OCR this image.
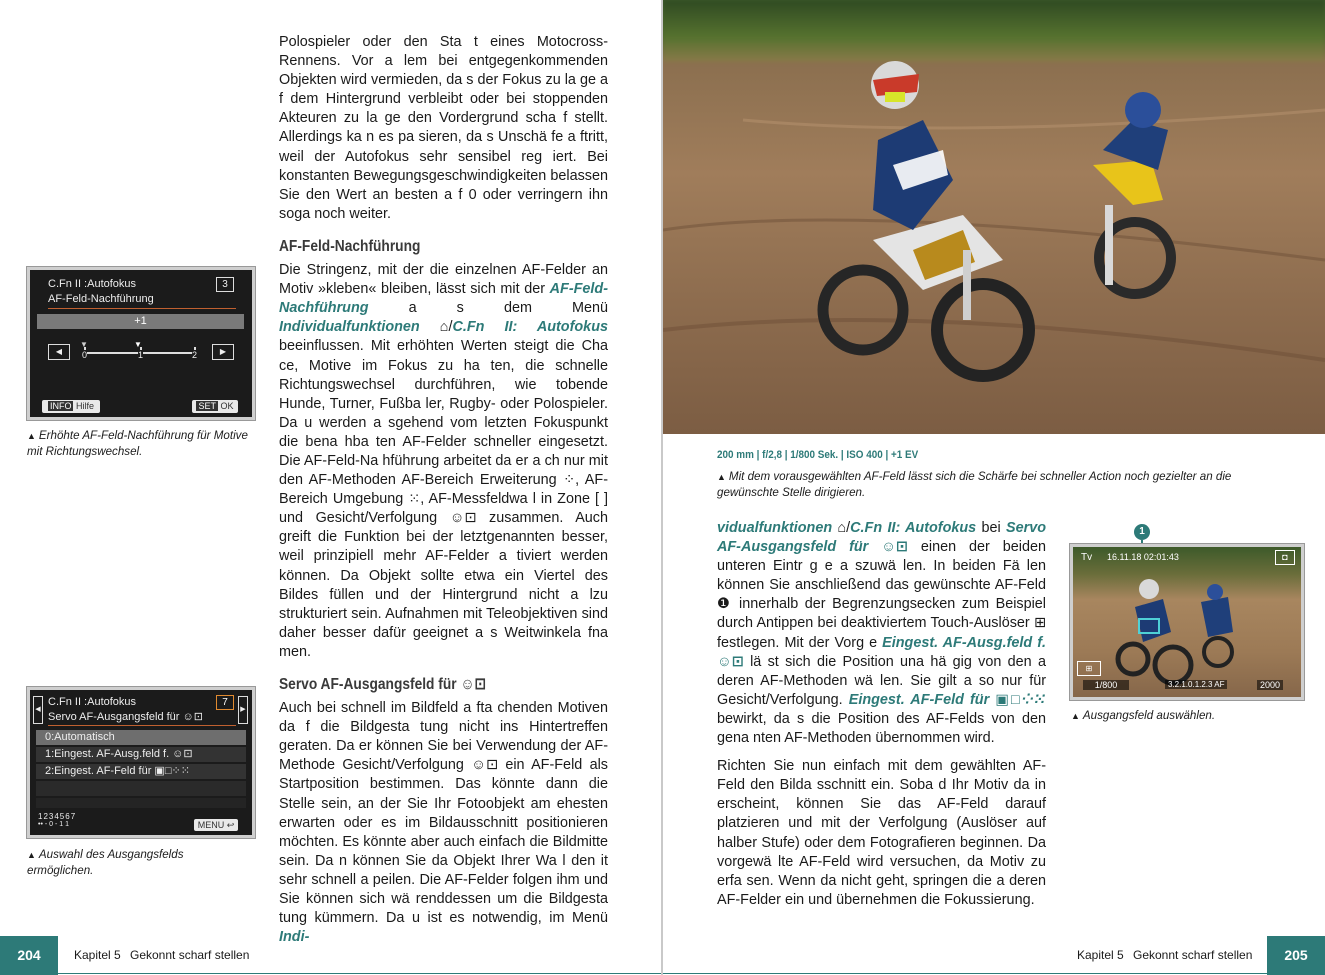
C.Fn II :Autofokus
AF-Feld-Nachführung
3
+1
◀	▶
▼
▼
0	1	2
INFO Hilfe	SET OK
▲ Erhöhte AF-Feld-Nachführung für Motive mit Richtungswechsel.
◀
C.Fn II :Autofokus
Servo AF-Ausgangsfeld für ☺⊡
7
▶
0:Automatisch
1:Eingest. AF-Ausg.feld f. ☺⊡
2:Eingest. AF-Feld für ▣□⁘⁙
1234567
•• - 0 - 1 1	MENU ↩
▲ Auswahl des Ausgangsfelds ermöglichen.

Polospieler oder den Sta t eines Motocross-Rennens. Vor a lem bei entgegenkommenden Objekten wird vermieden, da s der Fokus zu la ge a f dem Hintergrund verbleibt oder bei stoppenden Akteuren zu la ge den Vordergrund scha f stellt. Allerdings ka n es pa sieren, da s Unschä fe a ftritt, weil der Autofokus sehr sensibel reg iert. Bei konstanten Bewegungsgeschwindigkeiten belassen Sie den Wert an besten a f 0 oder verringern ihn soga noch weiter.

AF-Feld-Nachführung

Die Stringenz, mit der die einzelnen AF-Felder an Motiv »kleben« bleiben, lässt sich mit der AF-Feld-Nachführung a s dem Menü Individualfunktionen ⌂/C.Fn II: Autofokus beeinflussen. Mit erhöhten Werten steigt die Cha ce, Motive im Fokus zu ha ten, die schnelle Richtungswechsel durchführen, wie tobende Hunde, Turner, Fußba ler, Rugby- oder Polospieler. Da u werden a sgehend vom letzten Fokuspunkt die bena hba ten AF-Felder schneller eingesetzt. Die AF-Feld-Na hführung arbeitet da er a ch nur mit den AF-Methoden AF-Bereich Erweiterung ⁘, AF-Bereich Umgebung ⁙, AF-Messfeldwa l in Zone [ ] und Gesicht/Verfolgung ☺⊡ zusammen. Auch greift die Funktion bei der letztgenannten besser, weil prinzipiell mehr AF-Felder a tiviert werden können. Da Objekt sollte etwa ein Viertel des Bildes füllen und der Hintergrund nicht a lzu strukturiert sein. Aufnahmen mit Teleobjektiven sind daher besser dafür geeignet a s Weitwinkela fna men.

Servo AF-Ausgangsfeld für ☺⊡

Auch bei schnell im Bildfeld a fta chenden Motiven da f die Bildgesta tung nicht ins Hintertreffen geraten. Da er können Sie bei Verwendung der AF-Methode Gesicht/Verfolgung ☺⊡ ein AF-Feld als Startposition bestimmen. Das könnte dann die Stelle sein, an der Sie Ihr Fotoobjekt am ehesten erwarten oder es im Bildausschnitt positionieren möchten. Es könnte aber auch einfach die Bildmitte sein. Da n können Sie da Objekt Ihrer Wa l den it sehr schnell a peilen. Die AF-Felder folgen ihm und Sie können sich wä renddessen um die Bildgesta tung kümmern. Da u ist es notwendig, im Menü Indi-

204	Kapitel 5 Gekonnt scharf stellen
200 mm | f/2,8 | 1/800 Sek. | ISO 400 | +1 EV
▲ Mit dem vorausgewählten AF-Feld lässt sich die Schärfe bei schneller Action noch gezielter an die gewünschte Stelle dirigieren.

vidualfunktionen ⌂/C.Fn II: Autofokus bei Servo AF-Ausgangsfeld für ☺⊡ einen der beiden unteren Eintr g e a szuwä len. In beiden Fä len können Sie anschließend das gewünschte AF-Feld ❶ innerhalb der Begrenzungsecken zum Beispiel durch Antippen bei deaktiviertem Touch-Auslöser ⊞ festlegen. Mit der Vorg e Eingest. AF-Ausg.feld f. ☺⊡ lä st sich die Position una hä gig von den a deren AF-Methoden wä len. Sie gilt a so nur für Gesicht/Verfolgung. Eingest. AF-Feld für ▣□⁘⁙ bewirkt, da s die Position des AF-Felds von den gena nten AF-Methoden übernommen wird.

Richten Sie nun einfach mit dem gewählten AF-Feld den Bilda sschnitt ein. Soba d Ihr Motiv da in erscheint, können Sie das AF-Feld darauf platzieren und mit der Verfolgung (Auslöser auf halber Stufe) oder dem Fotografieren beginnen. Da vorgewä lte AF-Feld wird versuchen, da Motiv zu erfa sen. Wenn da nicht geht, springen die a deren AF-Felder ein und übernehmen die Fokussierung.

1
Tv 16.11.18 02:01:43	◘
⊞
1/800	3.2.1.0.1.2.3 AF	2000
▲ Ausgangsfeld auswählen.
Kapitel 5 Gekonnt scharf stellen	205
